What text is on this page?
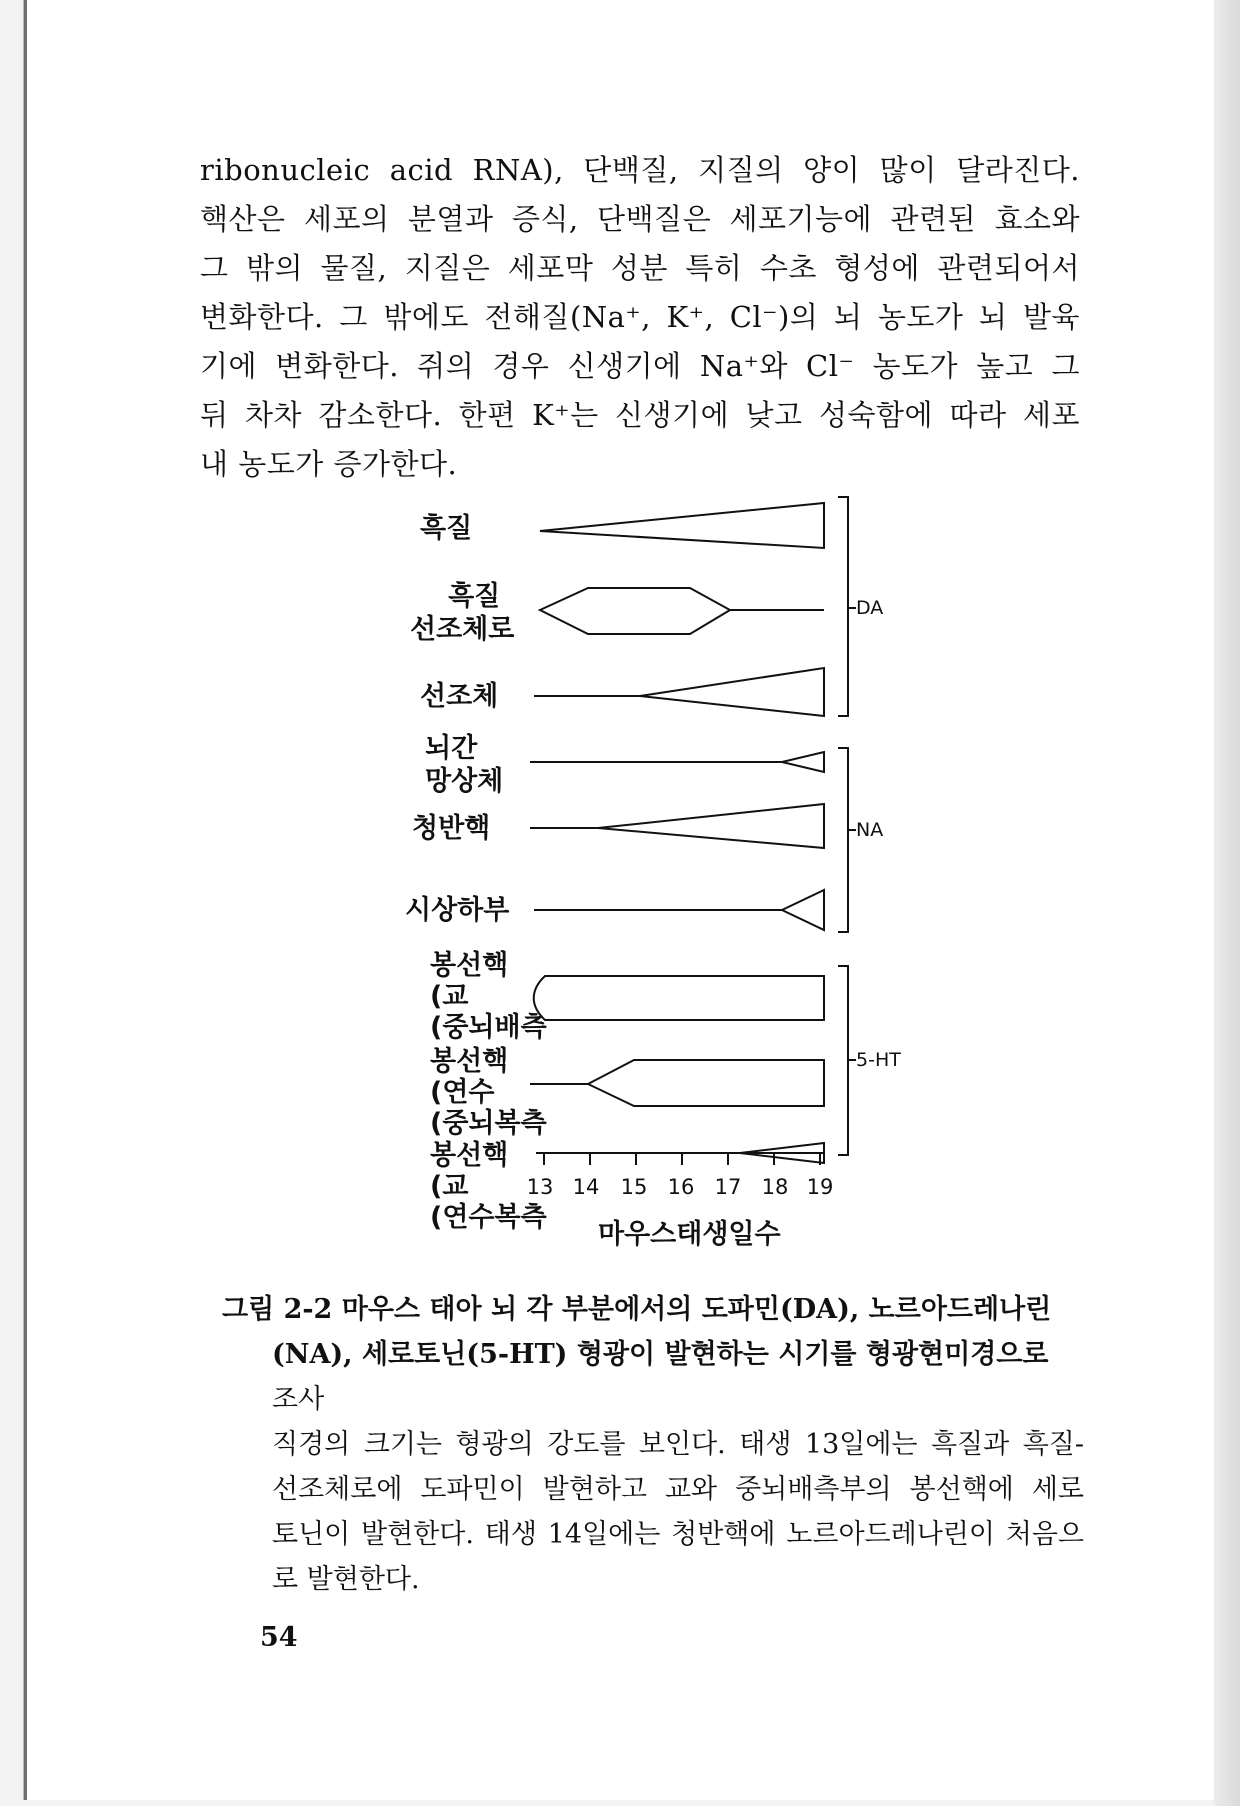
ribonucleic acid RNA), 단백질, 지질의 양이 많이 달라진다.
핵산은 세포의 분열과 증식, 단백질은 세포기능에 관련된 효소와
그 밖의 물질, 지질은 세포막 성분 특히 수초 형성에 관련되어서
변화한다. 그 밖에도 전해질(Na⁺, K⁺, Cl⁻)의 뇌 농도가 뇌 발육
기에 변화한다. 쥐의 경우 신생기에 Na⁺와 Cl⁻ 농도가 높고 그
뒤 차차 감소한다. 한편 K⁺는 신생기에 낮고 성숙함에 따라 세포
내 농도가 증가한다.

흑질
흑질
선조체로
선조체
뇌간
망상체
청반핵
시상하부
봉선핵
(교
(중뇌배측
봉선핵
(연수
(중뇌복측
봉선핵
(교
(연수복측
DA
NA
5-HT
13 14 15 16 17 18 19
마우스태생일수
그림 2-2 마우스 태아 뇌 각 부분에서의 도파민(DA), 노르아드레나린
(NA), 세로토닌(5-HT) 형광이 발현하는 시기를 형광현미경으로
조사
직경의 크기는 형광의 강도를 보인다. 태생 13일에는 흑질과 흑질-
선조체로에 도파민이 발현하고 교와 중뇌배측부의 봉선핵에 세로
토닌이 발현한다. 태생 14일에는 청반핵에 노르아드레나린이 처음으
로 발현한다.
54
